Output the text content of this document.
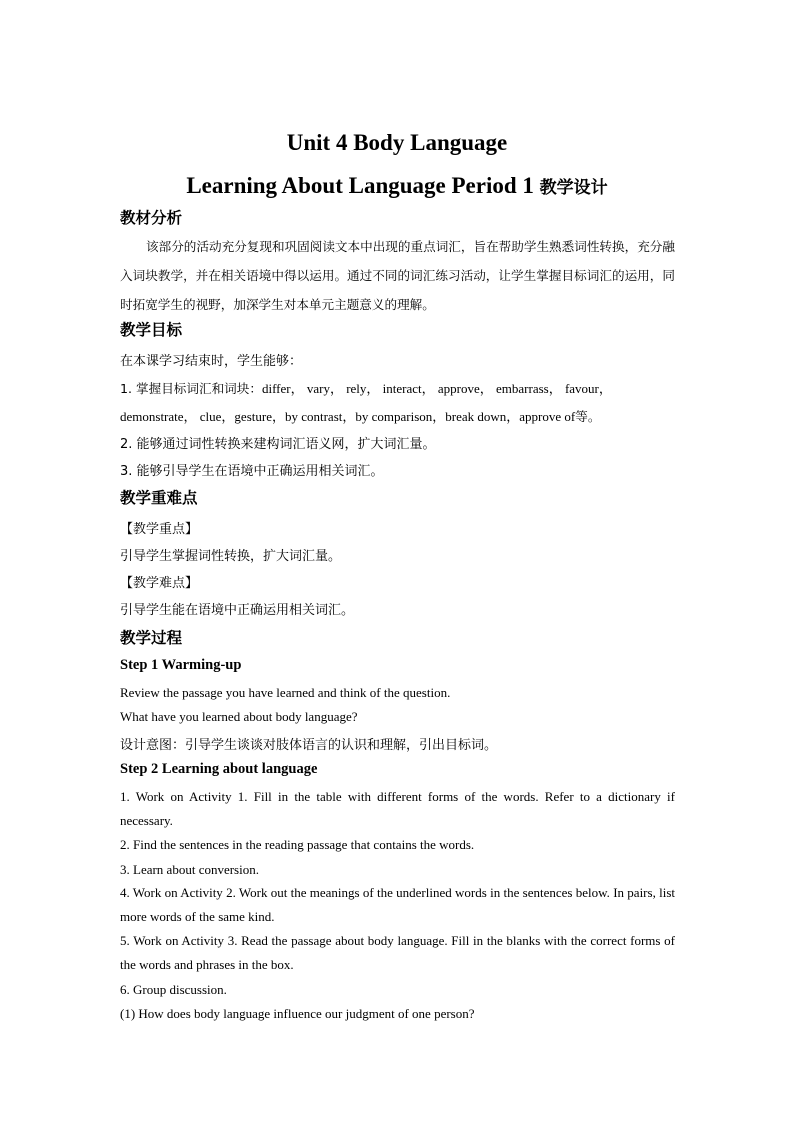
Unit 4 Body Language
Learning About Language Period 1 教学设计
教材分析
该部分的活动充分复现和巩固阅读文本中出现的重点词汇，旨在帮助学生熟悉词性转换，充分融入词块教学，并在相关语境中得以运用。通过不同的词汇练习活动，让学生掌握目标词汇的运用，同时拓宽学生的视野，加深学生对本单元主题意义的理解。
教学目标
在本课学习结束时，学生能够：
1. 掌握目标词汇和词块：differ， vary， rely， interact， approve， embarrass， favour，
demonstrate， clue，gesture，by contrast，by comparison，break down，approve of等。
2. 能够通过词性转换来建构词汇语义网，扩大词汇量。
3. 能够引导学生在语境中正确运用相关词汇。
教学重难点
【教学重点】
引导学生掌握词性转换，扩大词汇量。
【教学难点】
引导学生能在语境中正确运用相关词汇。
教学过程
Step 1 Warming-up
Review the passage you have learned and think of the question.
What have you learned about body language?
设计意图：引导学生谈谈对肢体语言的认识和理解，引出目标词。
Step 2 Learning about language
1. Work on Activity 1. Fill in the table with different forms of the words. Refer to a dictionary if necessary.
2. Find the sentences in the reading passage that contains the words.
3. Learn about conversion.
4. Work on Activity 2. Work out the meanings of the underlined words in the sentences below. In pairs, list more words of the same kind.
5. Work on Activity 3. Read the passage about body language. Fill in the blanks with the correct forms of the words and phrases in the box.
6. Group discussion.
(1) How does body language influence our judgment of one person?
